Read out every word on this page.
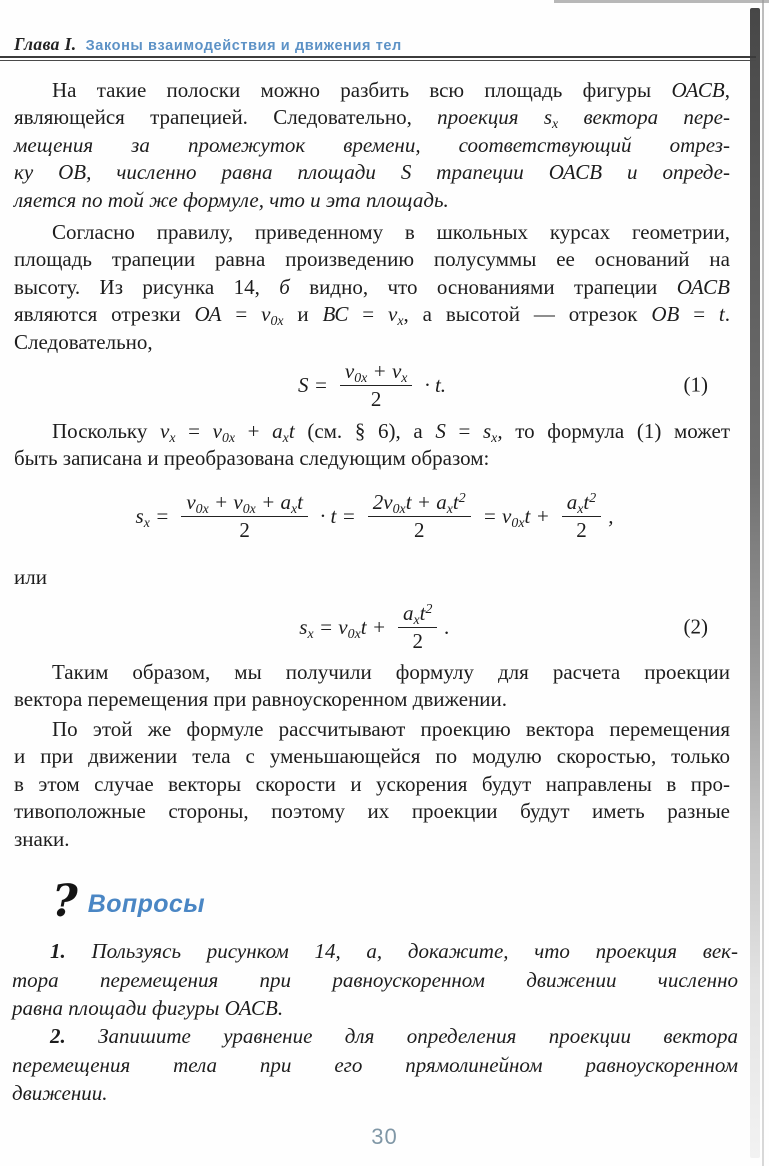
Глава I. Законы взаимодействия и движения тел
На такие полоски можно разбить всю площадь фигуры ОАСВ,
являющейся трапецией. Следовательно, проекция $s_x$ вектора пере-
мещения за промежуток времени, соответствующий отрез-
ку ОВ, численно равна площади S трапеции ОАСВ и опреде-
ляется по той же формуле, что и эта площадь.
Согласно правилу, приведенному в школьных курсах геометрии,
площадь трапеции равна произведению полусуммы ее оснований на
высоту. Из рисунка 14, б видно, что основаниями трапеции ОАСВ
являются отрезки ОА = $v_{0x}$ и ВС = $v_x$, а высотой — отрезок ОВ = t.
Следовательно,
$S = \frac{v_{0x} + v_x}{2} \cdot t$.	(1)
Поскольку $v_x = v_{0x} + a_xt$ (см. § 6), а $S = s_x$, то формула (1) может
быть записана и преобразована следующим образом:
$s_x = \frac{v_{0x} + v_{0x} + a_xt}{2} \cdot t = \frac{2v_{0x}t + a_xt^2}{2} = v_{0x}t + \frac{a_xt^2}{2}$ ,
или
$s_x = v_{0x}t + \frac{a_xt^2}{2}$ .	(2)
Таким образом, мы получили формулу для расчета проекции
вектора перемещения при равноускоренном движении.
По этой же формуле рассчитывают проекцию вектора перемещения
и при движении тела с уменьшающейся по модулю скоростью, только
в этом случае векторы скорости и ускорения будут направлены в про-
тивоположные стороны, поэтому их проекции будут иметь разные
знаки.
? Вопросы
1. Пользуясь рисунком 14, а, докажите, что проекция век-
тора перемещения при равноускоренном движении численно
равна площади фигуры ОАСВ.
2. Запишите уравнение для определения проекции вектора
перемещения тела при его прямолинейном равноускоренном
движении.
30
